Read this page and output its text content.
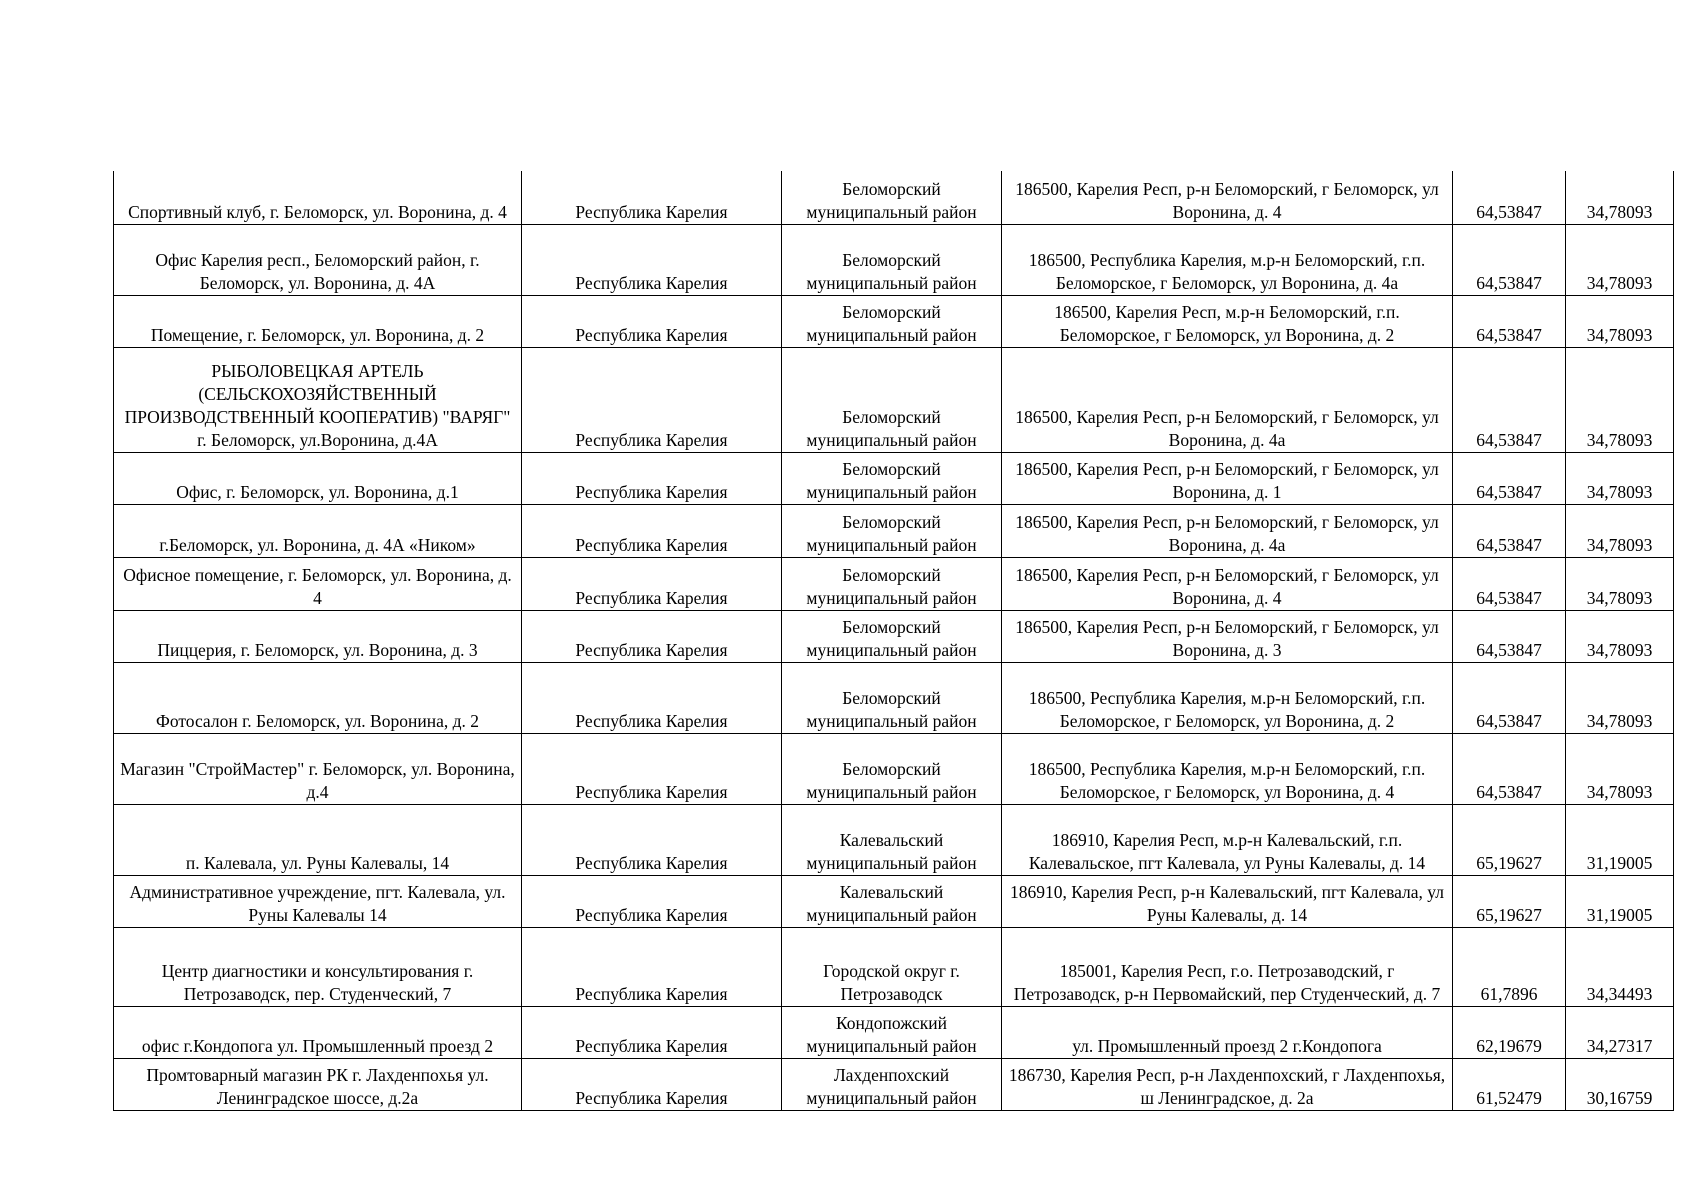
Спортивный клуб, г. Беломорск, ул. Воронина, д. 4	Республика Карелия	Беломорский муниципальный район	186500, Карелия Респ, р-н Беломорский, г Беломорск, ул Воронина, д. 4	64,53847	34,78093
Офис Карелия респ., Беломорский район, г. Беломорск, ул. Воронина, д. 4А	Республика Карелия	Беломорский муниципальный район	186500, Республика Карелия, м.р-н Беломорский, г.п. Беломорское, г Беломорск, ул Воронина, д. 4а	64,53847	34,78093
Помещение, г. Беломорск, ул. Воронина, д. 2	Республика Карелия	Беломорский муниципальный район	186500, Карелия Респ, м.р-н Беломорский, г.п. Беломорское, г Беломорск, ул Воронина, д. 2	64,53847	34,78093
РЫБОЛОВЕЦКАЯ АРТЕЛЬ (СЕЛЬСКОХОЗЯЙСТВЕННЫЙ ПРОИЗВОДСТВЕННЫЙ КООПЕРАТИВ) "ВАРЯГ" г. Беломорск, ул.Воронина, д.4А	Республика Карелия	Беломорский муниципальный район	186500, Карелия Респ, р-н Беломорский, г Беломорск, ул Воронина, д. 4а	64,53847	34,78093
Офис, г. Беломорск, ул. Воронина, д.1	Республика Карелия	Беломорский муниципальный район	186500, Карелия Респ, р-н Беломорский, г Беломорск, ул Воронина, д. 1	64,53847	34,78093
г.Беломорск, ул. Воронина, д. 4А «Ником»	Республика Карелия	Беломорский муниципальный район	186500, Карелия Респ, р-н Беломорский, г Беломорск, ул Воронина, д. 4а	64,53847	34,78093
Офисное помещение, г. Беломорск, ул. Воронина, д. 4	Республика Карелия	Беломорский муниципальный район	186500, Карелия Респ, р-н Беломорский, г Беломорск, ул Воронина, д. 4	64,53847	34,78093
Пиццерия, г. Беломорск, ул. Воронина, д. 3	Республика Карелия	Беломорский муниципальный район	186500, Карелия Респ, р-н Беломорский, г Беломорск, ул Воронина, д. 3	64,53847	34,78093
Фотосалон г. Беломорск, ул. Воронина, д. 2	Республика Карелия	Беломорский муниципальный район	186500, Республика Карелия, м.р-н Беломорский, г.п. Беломорское, г Беломорск, ул Воронина, д. 2	64,53847	34,78093
Магазин "СтройМастер" г. Беломорск, ул. Воронина, д.4	Республика Карелия	Беломорский муниципальный район	186500, Республика Карелия, м.р-н Беломорский, г.п. Беломорское, г Беломорск, ул Воронина, д. 4	64,53847	34,78093
п. Калевала, ул. Руны Калевалы, 14	Республика Карелия	Калевальский муниципальный район	186910, Карелия Респ, м.р-н Калевальский, г.п. Калевальское, пгт Калевала, ул Руны Калевалы, д. 14	65,19627	31,19005
Административное учреждение, пгт. Калевала, ул. Руны Калевалы 14	Республика Карелия	Калевальский муниципальный район	186910, Карелия Респ, р-н Калевальский, пгт Калевала, ул Руны Калевалы, д. 14	65,19627	31,19005
Центр диагностики и консультирования г. Петрозаводск, пер. Студенческий, 7	Республика Карелия	Городской округ г. Петрозаводск	185001, Карелия Респ, г.о. Петрозаводский, г Петрозаводск, р-н Первомайский, пер Студенческий, д. 7	61,7896	34,34493
офис г.Кондопога ул. Промышленный проезд 2	Республика Карелия	Кондопожский муниципальный район	ул. Промышленный проезд 2 г.Кондопога	62,19679	34,27317
Промтоварный магазин РК г. Лахденпохья ул. Ленинградское шоссе, д.2а	Республика Карелия	Лахденпохский муниципальный район	186730, Карелия Респ, р-н Лахденпохский, г Лахденпохья, ш Ленинградское, д. 2а	61,52479	30,16759
